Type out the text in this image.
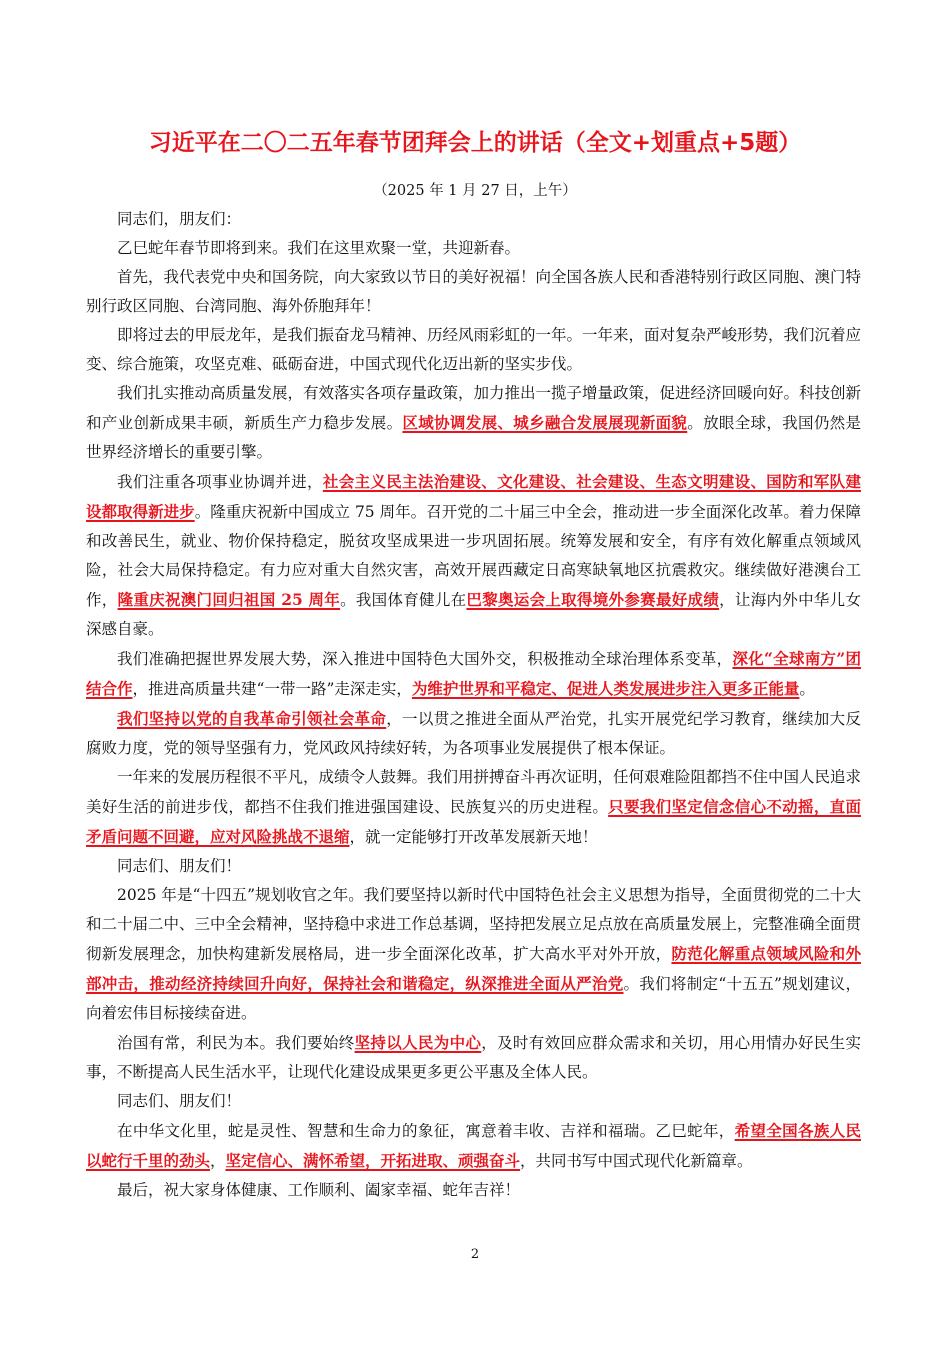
习近平在二〇二五年春节团拜会上的讲话（全文+划重点+5题）
（2025 年 1 月 27 日，上午）

同志们，朋友们：

乙巳蛇年春节即将到来。我们在这里欢聚一堂，共迎新春。

首先，我代表党中央和国务院，向大家致以节日的美好祝福！向全国各族人民和香港特别行政区同胞、澳门特别行政区同胞、台湾同胞、海外侨胞拜年！

即将过去的甲辰龙年，是我们振奋龙马精神、历经风雨彩虹的一年。一年来，面对复杂严峻形势，我们沉着应变、综合施策，攻坚克难、砥砺奋进，中国式现代化迈出新的坚实步伐。

我们扎实推动高质量发展，有效落实各项存量政策，加力推出一揽子增量政策，促进经济回暖向好。科技创新和产业创新成果丰硕，新质生产力稳步发展。区域协调发展、城乡融合发展展现新面貌。放眼全球，我国仍然是世界经济增长的重要引擎。

我们注重各项事业协调并进，社会主义民主法治建设、文化建设、社会建设、生态文明建设、国防和军队建设都取得新进步。隆重庆祝新中国成立 75 周年。召开党的二十届三中全会，推动进一步全面深化改革。着力保障和改善民生，就业、物价保持稳定，脱贫攻坚成果进一步巩固拓展。统筹发展和安全，有序有效化解重点领域风险，社会大局保持稳定。有力应对重大自然灾害，高效开展西藏定日高寒缺氧地区抗震救灾。继续做好港澳台工作，隆重庆祝澳门回归祖国 25 周年。我国体育健儿在巴黎奥运会上取得境外参赛最好成绩，让海内外中华儿女深感自豪。

我们准确把握世界发展大势，深入推进中国特色大国外交，积极推动全球治理体系变革，深化“全球南方”团结合作，推进高质量共建“一带一路”走深走实，为维护世界和平稳定、促进人类发展进步注入更多正能量。

我们坚持以党的自我革命引领社会革命，一以贯之推进全面从严治党，扎实开展党纪学习教育，继续加大反腐败力度，党的领导坚强有力，党风政风持续好转，为各项事业发展提供了根本保证。

一年来的发展历程很不平凡，成绩令人鼓舞。我们用拼搏奋斗再次证明，任何艰难险阻都挡不住中国人民追求美好生活的前进步伐，都挡不住我们推进强国建设、民族复兴的历史进程。只要我们坚定信念信心不动摇，直面矛盾问题不回避，应对风险挑战不退缩，就一定能够打开改革发展新天地！

同志们、朋友们！

2025 年是“十四五”规划收官之年。我们要坚持以新时代中国特色社会主义思想为指导，全面贯彻党的二十大和二十届二中、三中全会精神，坚持稳中求进工作总基调，坚持把发展立足点放在高质量发展上，完整准确全面贯彻新发展理念，加快构建新发展格局，进一步全面深化改革，扩大高水平对外开放，防范化解重点领域风险和外部冲击，推动经济持续回升向好，保持社会和谐稳定，纵深推进全面从严治党。我们将制定“十五五”规划建议，向着宏伟目标接续奋进。

治国有常，利民为本。我们要始终坚持以人民为中心，及时有效回应群众需求和关切，用心用情办好民生实事，不断提高人民生活水平，让现代化建设成果更多更公平惠及全体人民。

同志们、朋友们！

在中华文化里，蛇是灵性、智慧和生命力的象征，寓意着丰收、吉祥和福瑞。乙巳蛇年，希望全国各族人民以蛇行千里的劲头，坚定信心、满怀希望，开拓进取、顽强奋斗，共同书写中国式现代化新篇章。

最后，祝大家身体健康、工作顺利、阖家幸福、蛇年吉祥！

2
